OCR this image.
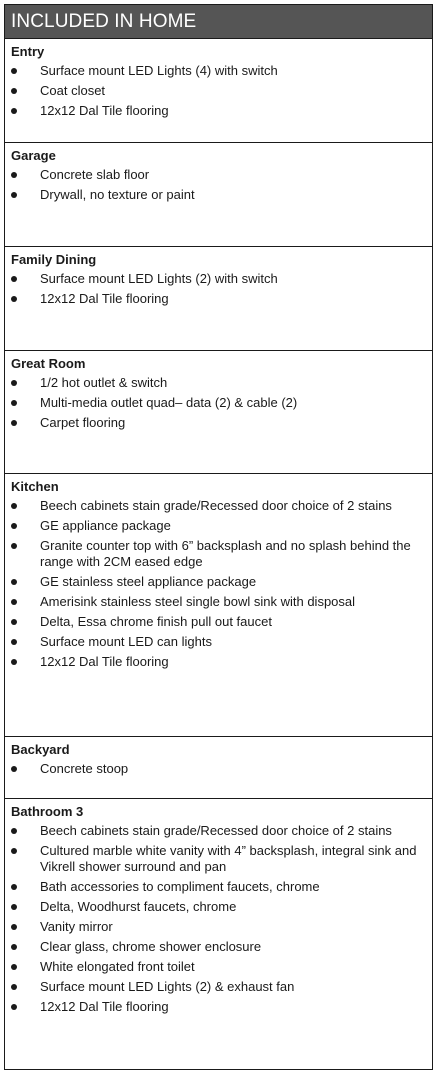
INCLUDED IN HOME
Entry
Surface mount LED Lights (4) with switch
Coat closet
12x12 Dal Tile flooring
Garage
Concrete slab floor
Drywall, no texture or paint
Family Dining
Surface mount LED Lights (2) with switch
12x12 Dal Tile flooring
Great Room
1/2 hot outlet & switch
Multi-media outlet quad– data (2) & cable (2)
Carpet flooring
Kitchen
Beech cabinets stain grade/Recessed door choice of 2 stains
GE appliance package
Granite counter top with 6” backsplash and no splash behind the range with 2CM eased edge
GE stainless steel appliance package
Amerisink stainless steel single bowl sink with disposal
Delta, Essa chrome finish pull out faucet
Surface mount LED can lights
12x12 Dal Tile flooring
Backyard
Concrete stoop
Bathroom 3
Beech cabinets stain grade/Recessed door choice of 2 stains
Cultured marble white vanity with 4” backsplash, integral sink and Vikrell shower surround and pan
Bath accessories to compliment faucets, chrome
Delta, Woodhurst faucets, chrome
Vanity mirror
Clear glass, chrome shower enclosure
White elongated front toilet
Surface mount LED Lights (2) & exhaust fan
12x12 Dal Tile flooring
